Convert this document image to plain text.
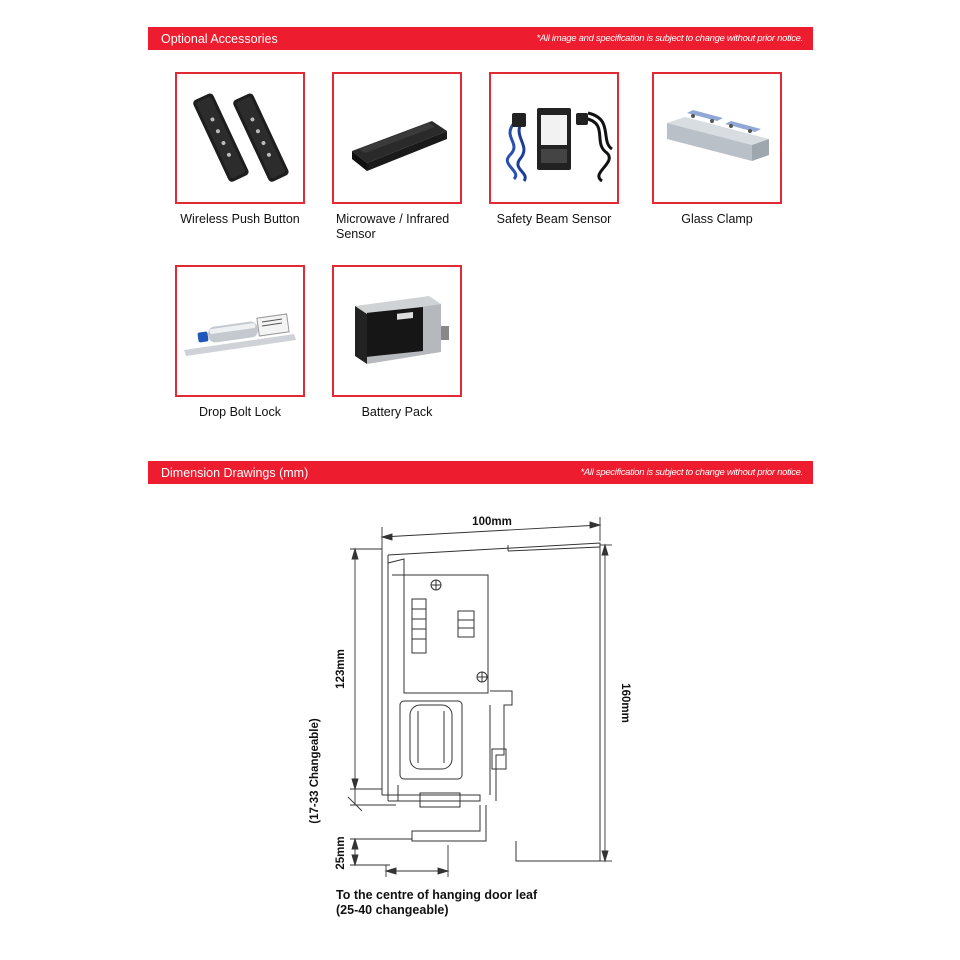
Optional Accessories	*All image and specification is subject to change without prior notice.
Wireless Push Button	Microwave / Infrared Sensor
Safety Beam Sensor	Glass Clamp
Drop Bolt Lock	Battery Pack
Dimension Drawings (mm)	*All specification is subject to change without prior notice.
100mm
160mm
123mm
(17-33 Changeable)
25mm
To the centre of hanging door leaf
(25-40 changeable)
